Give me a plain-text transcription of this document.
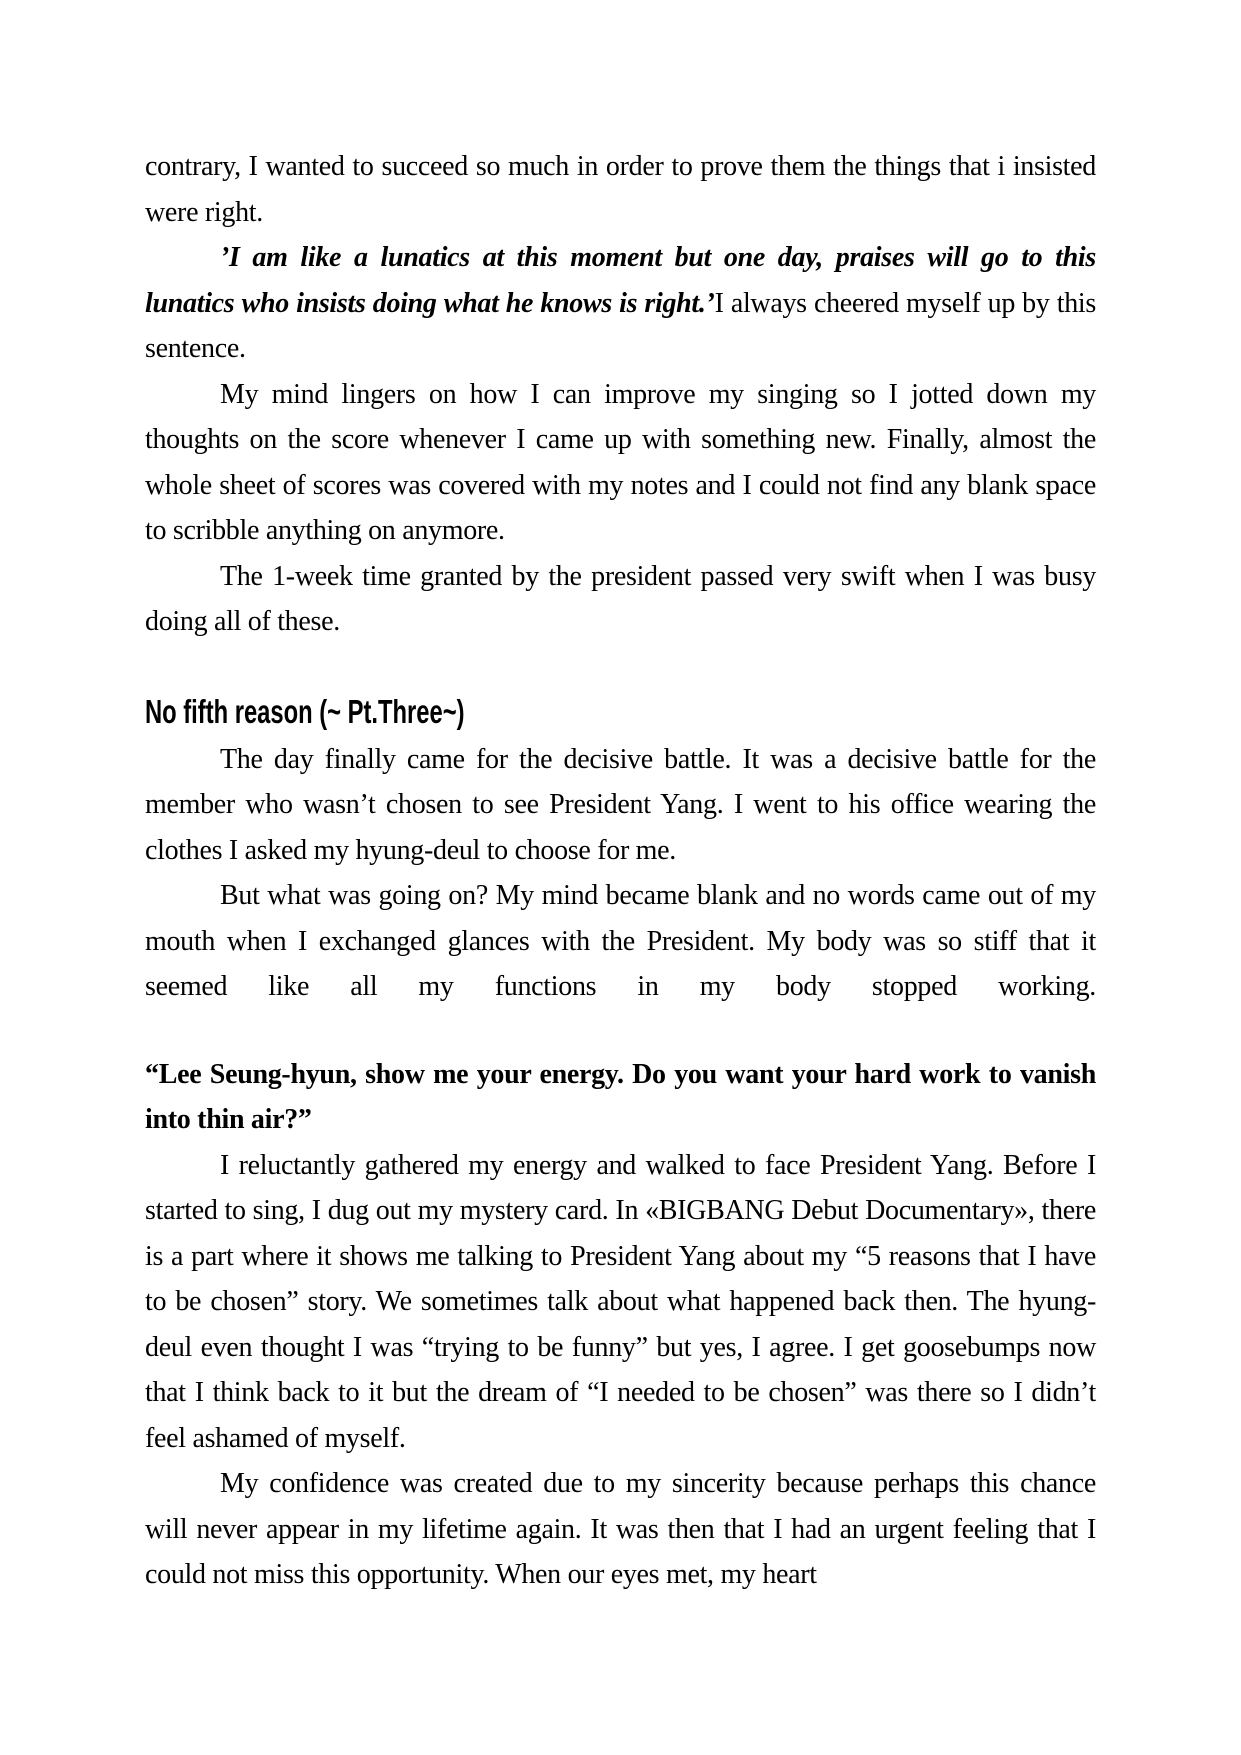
contrary, I wanted to succeed so much in order to prove them the things that i insisted were right.

’I am like a lunatics at this moment but one day, praises will go to this lunatics who insists doing what he knows is right.’I always cheered myself up by this sentence.

My mind lingers on how I can improve my singing so I jotted down my thoughts on the score whenever I came up with something new. Finally, almost the whole sheet of scores was covered with my notes and I could not find any blank space to scribble anything on anymore.

The 1-week time granted by the president passed very swift when I was busy doing all of these.

No fifth reason (~ Pt.Three~)

The day finally came for the decisive battle. It was a decisive battle for the member who wasn’t chosen to see President Yang. I went to his office wearing the clothes I asked my hyung-deul to choose for me.

But what was going on? My mind became blank and no words came out of my mouth when I exchanged glances with the President. My body was so stiff that it seemed like all my functions in my body stopped working.

“Lee Seung-hyun, show me your energy. Do you want your hard work to vanish into thin air?”

I reluctantly gathered my energy and walked to face President Yang. Before I started to sing, I dug out my mystery card. In «BIGBANG Debut Documentary», there is a part where it shows me talking to President Yang about my “5 reasons that I have to be chosen” story. We sometimes talk about what happened back then. The hyung-deul even thought I was “trying to be funny” but yes, I agree. I get goosebumps now that I think back to it but the dream of “I needed to be chosen” was there so I didn’t feel ashamed of myself.

My confidence was created due to my sincerity because perhaps this chance will never appear in my lifetime again. It was then that I had an urgent feeling that I could not miss this opportunity. When our eyes met, my heart
